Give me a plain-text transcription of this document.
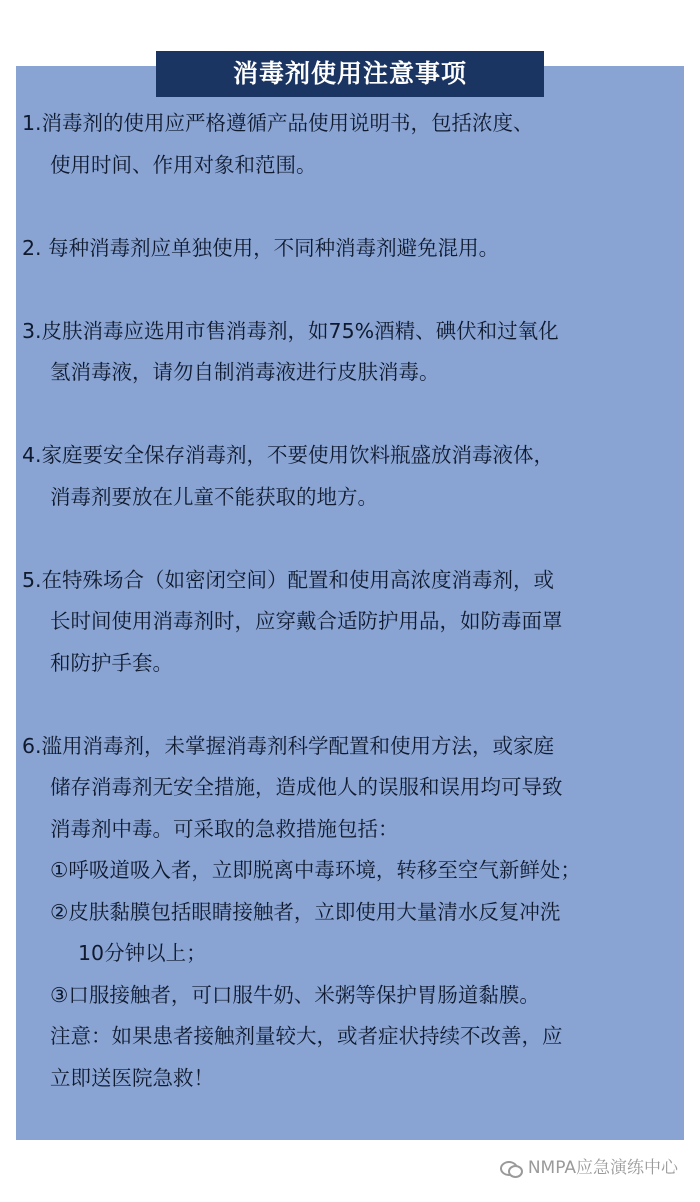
消毒剂使用注意事项
1.消毒剂的使用应严格遵循产品使用说明书，包括浓度、
使用时间、作用对象和范围。
2. 每种消毒剂应单独使用，不同种消毒剂避免混用。
3.皮肤消毒应选用市售消毒剂，如75%酒精、碘伏和过氧化
氢消毒液，请勿自制消毒液进行皮肤消毒。
4.家庭要安全保存消毒剂，不要使用饮料瓶盛放消毒液体，
消毒剂要放在儿童不能获取的地方。
5.在特殊场合（如密闭空间）配置和使用高浓度消毒剂，或
长时间使用消毒剂时，应穿戴合适防护用品，如防毒面罩
和防护手套。
6.滥用消毒剂，未掌握消毒剂科学配置和使用方法，或家庭
储存消毒剂无安全措施，造成他人的误服和误用均可导致
消毒剂中毒。可采取的急救措施包括：
①呼吸道吸入者，立即脱离中毒环境，转移至空气新鲜处；
②皮肤黏膜包括眼睛接触者，立即使用大量清水反复冲洗
10分钟以上；
③口服接触者，可口服牛奶、米粥等保护胃肠道黏膜。
注意：如果患者接触剂量较大，或者症状持续不改善，应
立即送医院急救！
NMPA应急演练中心
